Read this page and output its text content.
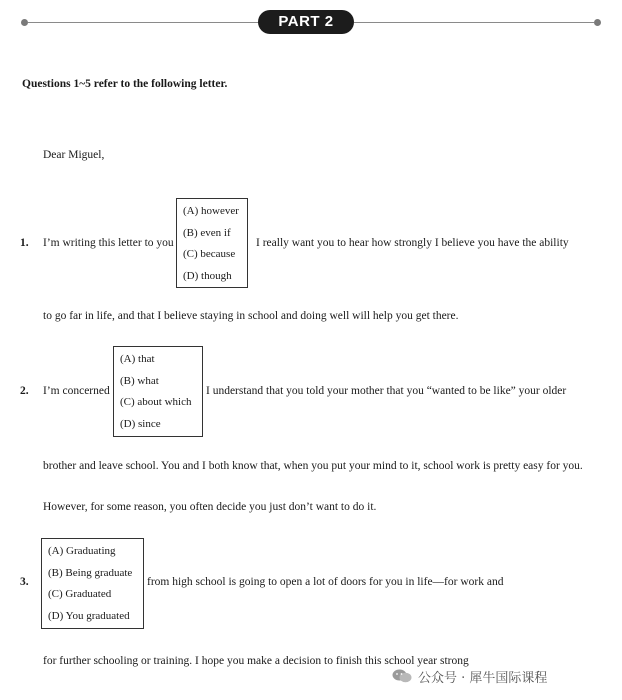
PART 2
Questions 1~5 refer to the following letter.
Dear Miguel,
1. I’m writing this letter to you
(A) however
(B) even if
(C) because
(D) though
I really want you to hear how strongly I believe you have the ability
to go far in life, and that I believe staying in school and doing well will help you get there.
2. I’m concerned
(A) that
(B) what
(C) about which
(D) since
I understand that you told your mother that you “wanted to be like” your older
brother and leave school. You and I both know that, when you put your mind to it, school work is pretty easy for you.
However, for some reason, you often decide you just don’t want to do it.
3.
(A) Graduating
(B) Being graduate
(C) Graduated
(D) You graduated
from high school is going to open a lot of doors for you in life—for work and
for further schooling or training. I hope you make a decision to finish this school year strong
公众号 · 犀牛国际课程
